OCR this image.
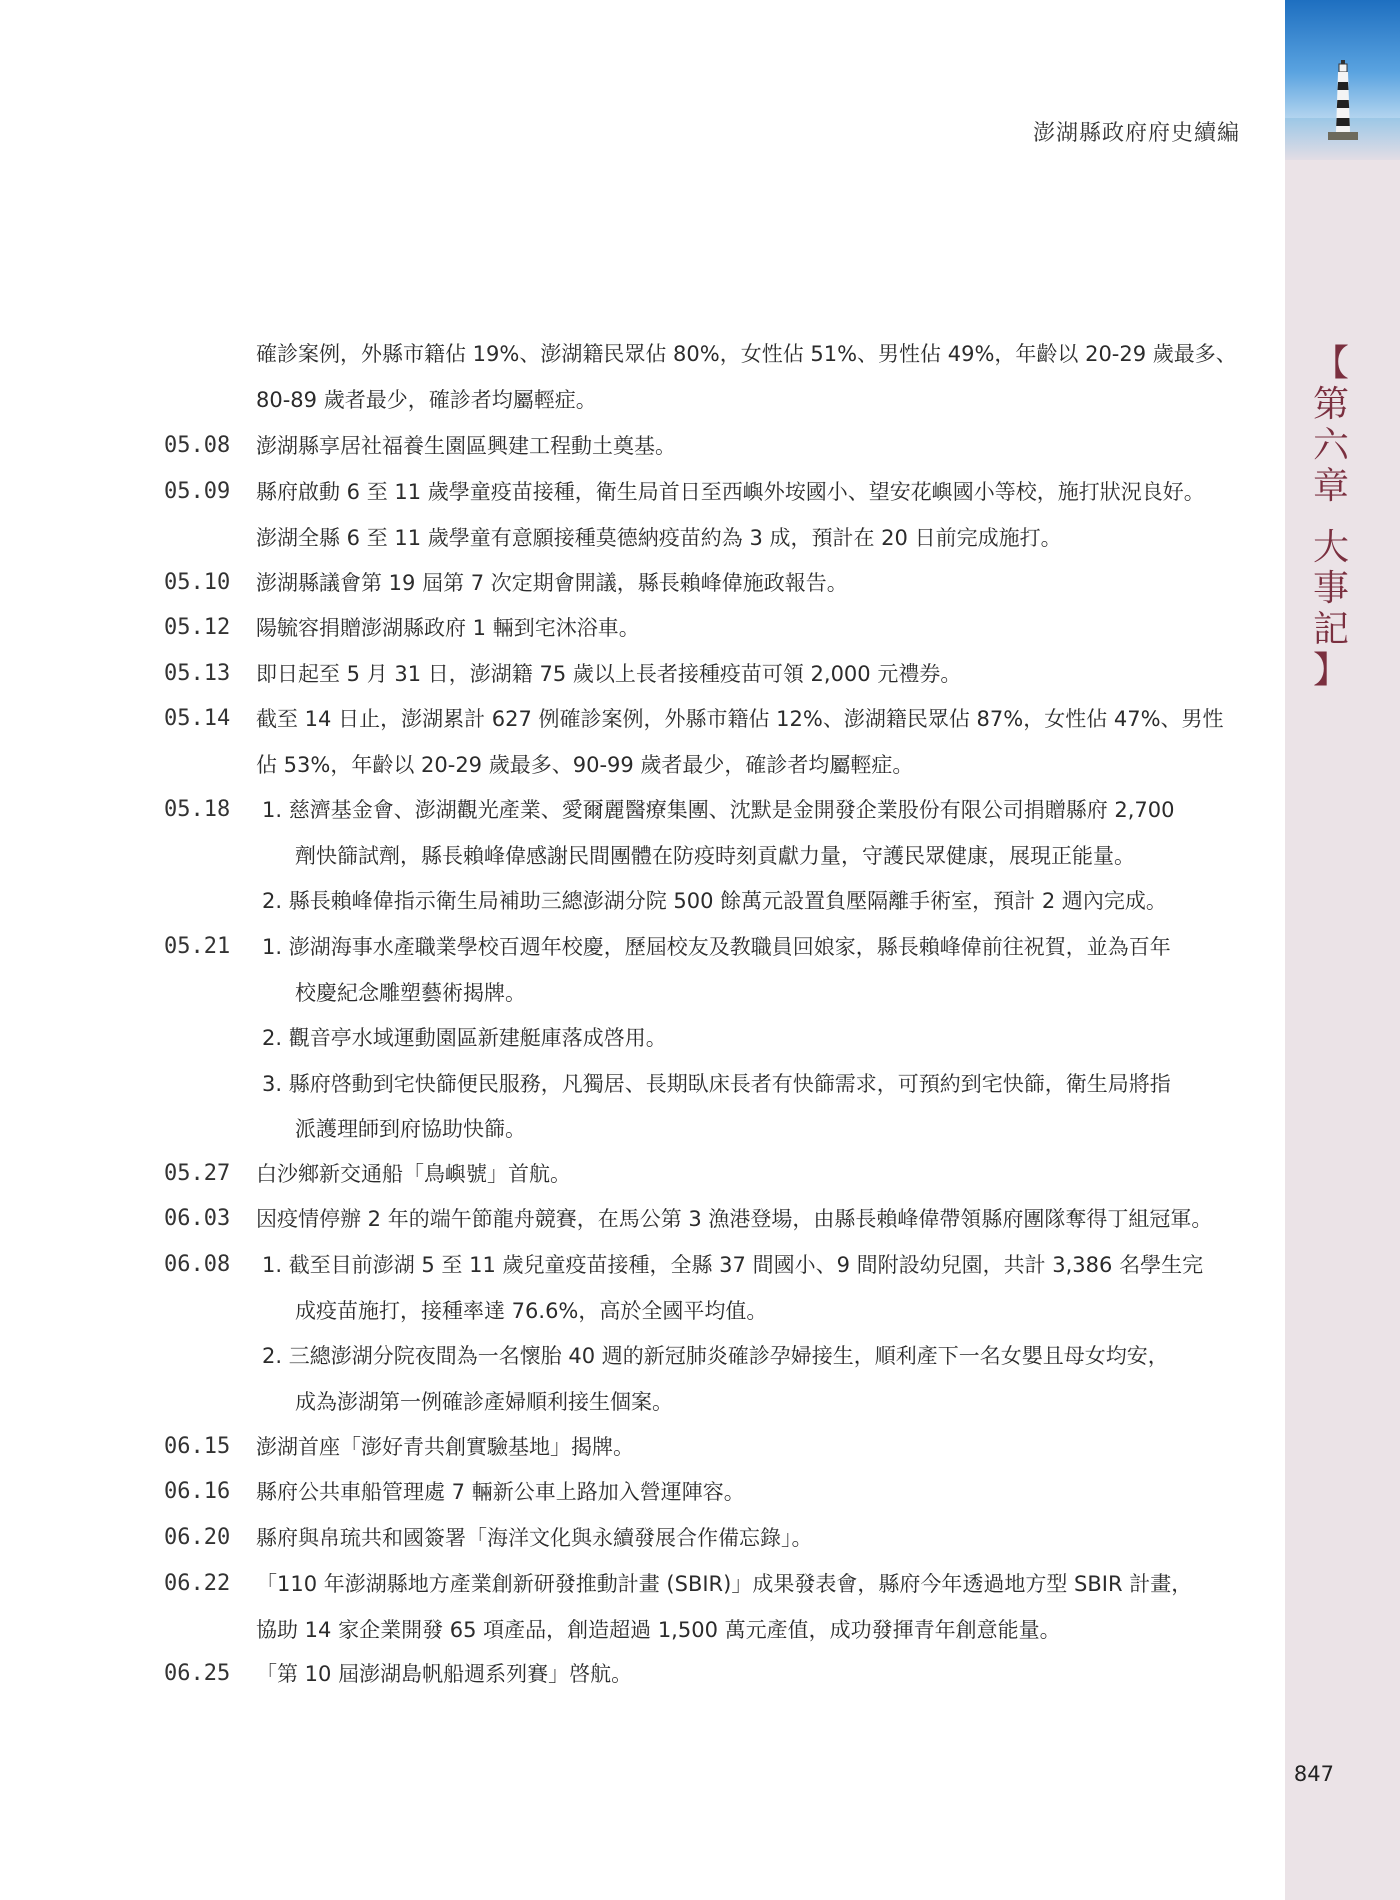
澎湖縣政府府史續編
【
第
六
章
大
事
記
】
確診案例，外縣市籍佔 19%、澎湖籍民眾佔 80%，女性佔 51%、男性佔 49%，年齡以 20-29 歲最多、
80-89 歲者最少，確診者均屬輕症。
05.08	澎湖縣享居社福養生園區興建工程動土奠基。
05.09	縣府啟動 6 至 11 歲學童疫苗接種，衛生局首日至西嶼外垵國小、望安花嶼國小等校，施打狀況良好。
澎湖全縣 6 至 11 歲學童有意願接種莫德納疫苗約為 3 成，預計在 20 日前完成施打。
05.10	澎湖縣議會第 19 屆第 7 次定期會開議，縣長賴峰偉施政報告。
05.12	陽毓容捐贈澎湖縣政府 1 輛到宅沐浴車。
05.13	即日起至 5 月 31 日，澎湖籍 75 歲以上長者接種疫苗可領 2,000 元禮券。
05.14	截至 14 日止，澎湖累計 627 例確診案例，外縣市籍佔 12%、澎湖籍民眾佔 87%，女性佔 47%、男性
佔 53%，年齡以 20-29 歲最多、90-99 歲者最少，確診者均屬輕症。
05.18	1. 慈濟基金會、澎湖觀光產業、愛爾麗醫療集團、沈默是金開發企業股份有限公司捐贈縣府 2,700
劑快篩試劑，縣長賴峰偉感謝民間團體在防疫時刻貢獻力量，守護民眾健康，展現正能量。
2. 縣長賴峰偉指示衛生局補助三總澎湖分院 500 餘萬元設置負壓隔離手術室，預計 2 週內完成。
05.21	1. 澎湖海事水產職業學校百週年校慶，歷屆校友及教職員回娘家，縣長賴峰偉前往祝賀，並為百年
校慶紀念雕塑藝術揭牌。
2. 觀音亭水域運動園區新建艇庫落成啓用。
3. 縣府啓動到宅快篩便民服務，凡獨居、長期臥床長者有快篩需求，可預約到宅快篩，衛生局將指
派護理師到府協助快篩。
05.27	白沙鄉新交通船「鳥嶼號」首航。
06.03	因疫情停辦 2 年的端午節龍舟競賽，在馬公第 3 漁港登場，由縣長賴峰偉帶領縣府團隊奪得丁組冠軍。
06.08	1. 截至目前澎湖 5 至 11 歲兒童疫苗接種，全縣 37 間國小、9 間附設幼兒園，共計 3,386 名學生完
成疫苗施打，接種率達 76.6%，高於全國平均值。
2. 三總澎湖分院夜間為一名懷胎 40 週的新冠肺炎確診孕婦接生，順利產下一名女嬰且母女均安，
成為澎湖第一例確診產婦順利接生個案。
06.15	澎湖首座「澎好青共創實驗基地」揭牌。
06.16	縣府公共車船管理處 7 輛新公車上路加入營運陣容。
06.20	縣府與帛琉共和國簽署「海洋文化與永續發展合作備忘錄」。
06.22	「110 年澎湖縣地方產業創新研發推動計畫 (SBIR)」成果發表會，縣府今年透過地方型 SBIR 計畫，
協助 14 家企業開發 65 項產品，創造超過 1,500 萬元產值，成功發揮青年創意能量。
06.25	「第 10 屆澎湖島帆船週系列賽」啓航。
847
